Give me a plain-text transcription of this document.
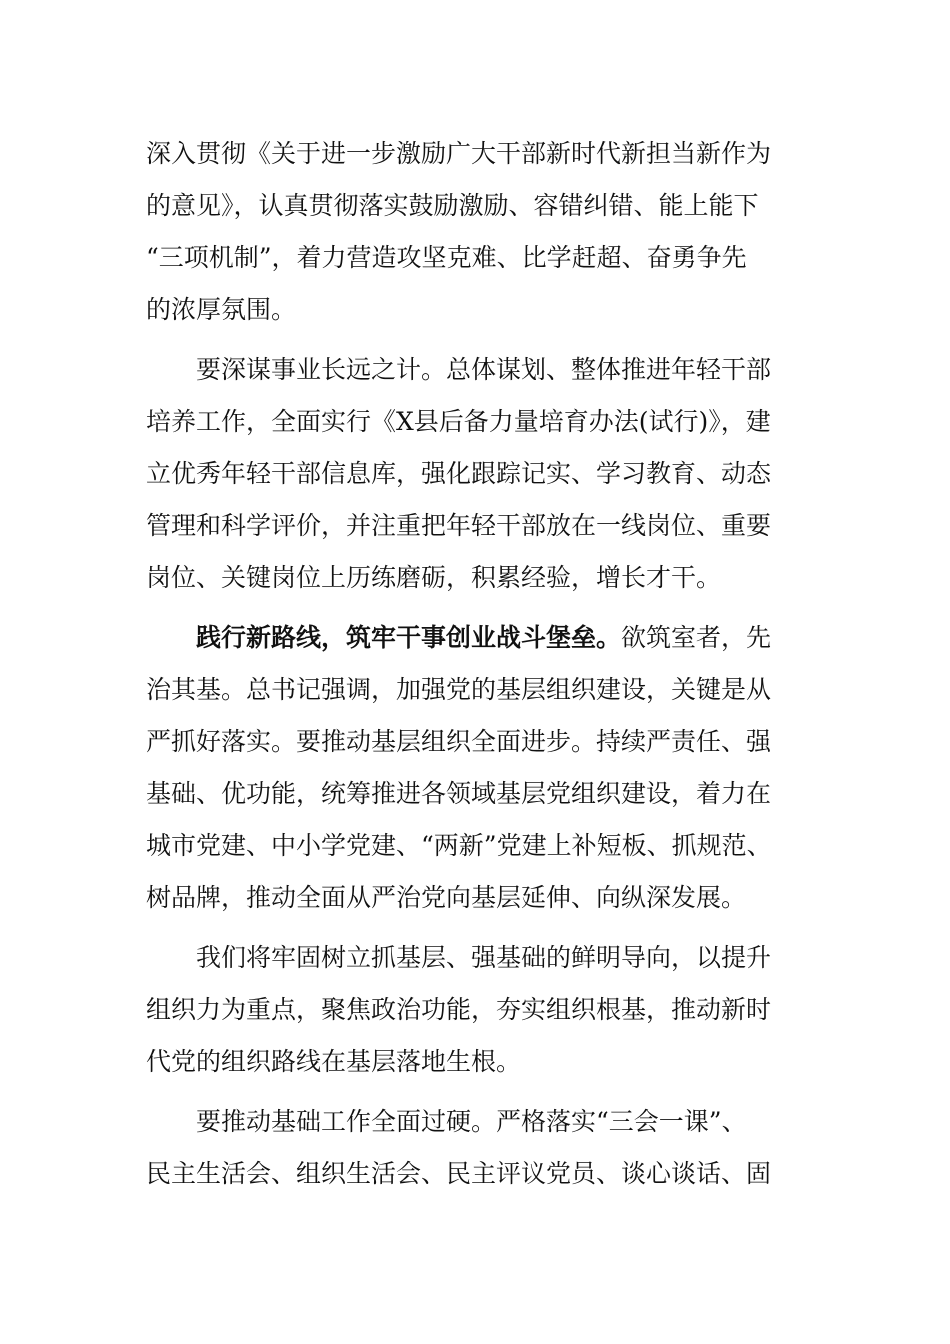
深入贯彻《关于进一步激励广大干部新时代新担当新作为
的意见》，认真贯彻落实鼓励激励、容错纠错、能上能下
“三项机制”，着力营造攻坚克难、比学赶超、奋勇争先
的浓厚氛围。
要深谋事业长远之计。总体谋划、整体推进年轻干部
培养工作，全面实行《X县后备力量培育办法(试行)》，建
立优秀年轻干部信息库，强化跟踪记实、学习教育、动态
管理和科学评价，并注重把年轻干部放在一线岗位、重要
岗位、关键岗位上历练磨砺，积累经验，增长才干。
践行新路线，筑牢干事创业战斗堡垒。欲筑室者，先
治其基。总书记强调，加强党的基层组织建设，关键是从
严抓好落实。要推动基层组织全面进步。持续严责任、强
基础、优功能，统筹推进各领域基层党组织建设，着力在
城市党建、中小学党建、“两新”党建上补短板、抓规范、
树品牌，推动全面从严治党向基层延伸、向纵深发展。
我们将牢固树立抓基层、强基础的鲜明导向，以提升
组织力为重点，聚焦政治功能，夯实组织根基，推动新时
代党的组织路线在基层落地生根。
要推动基础工作全面过硬。严格落实“三会一课”、
民主生活会、组织生活会、民主评议党员、谈心谈话、固
